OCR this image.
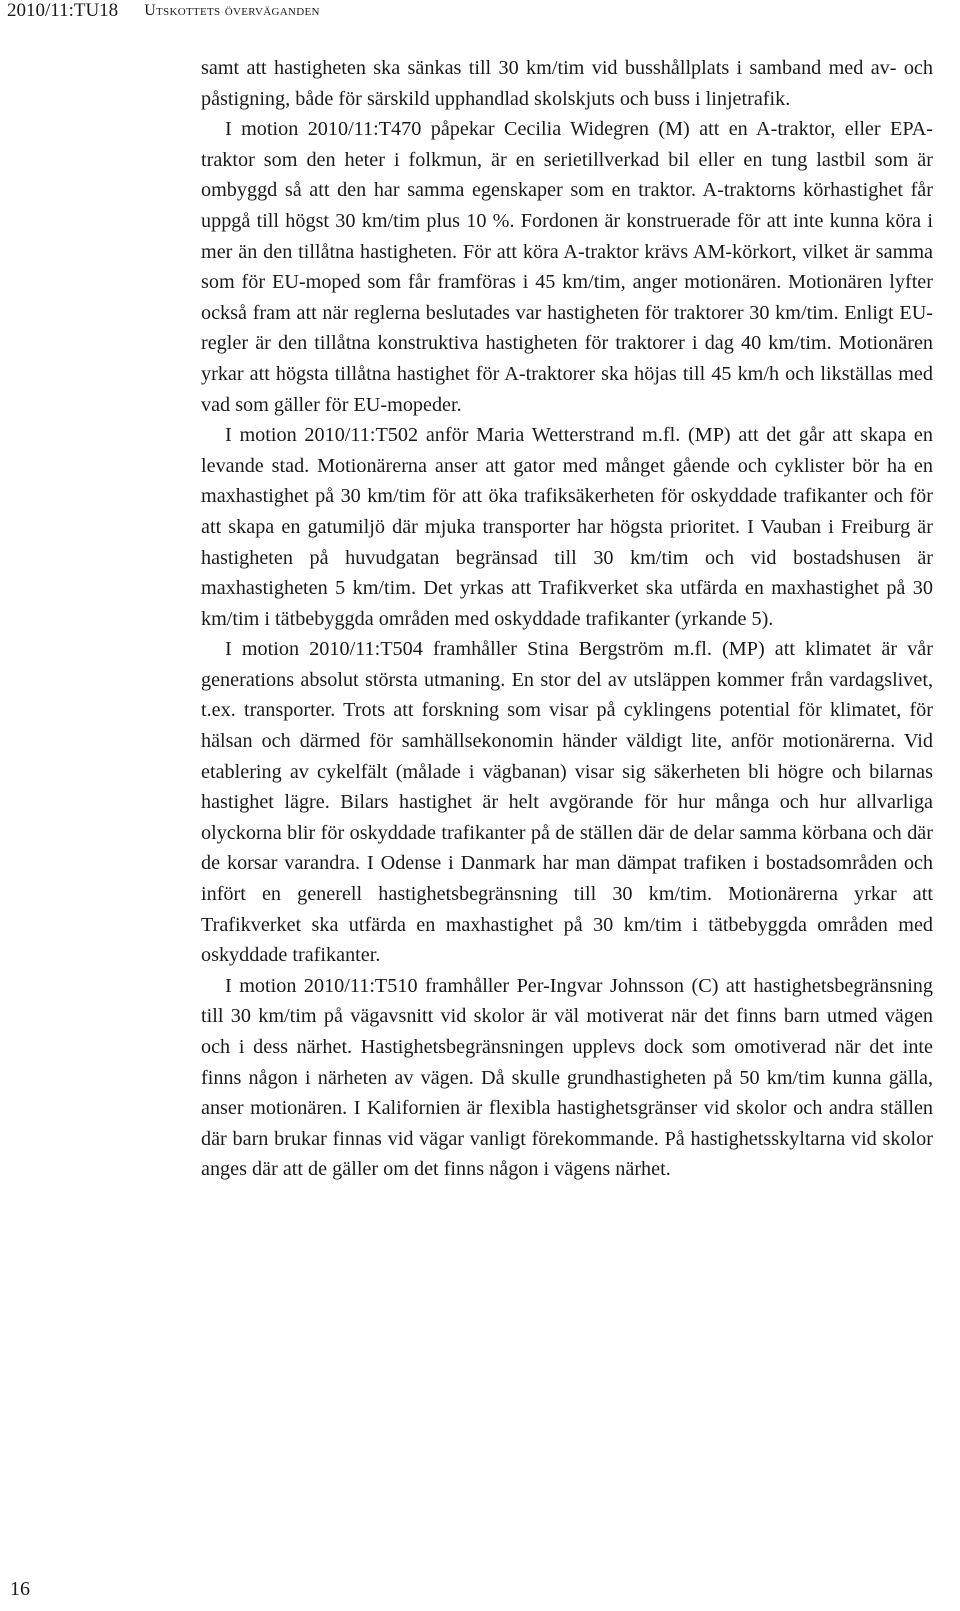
2010/11:TU18 Utskottets överväganden

samt att hastigheten ska sänkas till 30 km/tim vid busshållplats i samband med av- och påstigning, både för särskild upphandlad skolskjuts och buss i linjetrafik.

I motion 2010/11:T470 påpekar Cecilia Widegren (M) att en A-traktor, eller EPA-traktor som den heter i folkmun, är en serietillverkad bil eller en tung lastbil som är ombyggd så att den har samma egenskaper som en traktor. A-traktorns körhastighet får uppgå till högst 30 km/tim plus 10 %. Fordonen är konstruerade för att inte kunna köra i mer än den tillåtna hastigheten. För att köra A-traktor krävs AM-körkort, vilket är samma som för EU-moped som får framföras i 45 km/tim, anger motionären. Motionären lyfter också fram att när reglerna beslutades var hastigheten för traktorer 30 km/tim. Enligt EU-regler är den tillåtna konstruktiva hastigheten för traktorer i dag 40 km/tim. Motionären yrkar att högsta tillåtna hastighet för A-traktorer ska höjas till 45 km/h och likställas med vad som gäller för EU-mopeder.

I motion 2010/11:T502 anför Maria Wetterstrand m.fl. (MP) att det går att skapa en levande stad. Motionärerna anser att gator med månget gående och cyklister bör ha en maxhastighet på 30 km/tim för att öka trafiksäkerheten för oskyddade trafikanter och för att skapa en gatumiljö där mjuka transporter har högsta prioritet. I Vauban i Freiburg är hastigheten på huvudgatan begränsad till 30 km/tim och vid bostadshusen är maxhastigheten 5 km/tim. Det yrkas att Trafikverket ska utfärda en maxhastighet på 30 km/tim i tätbebyggda områden med oskyddade trafikanter (yrkande 5).

I motion 2010/11:T504 framhåller Stina Bergström m.fl. (MP) att klimatet är vår generations absolut största utmaning. En stor del av utsläppen kommer från vardagslivet, t.ex. transporter. Trots att forskning som visar på cyklingens potential för klimatet, för hälsan och därmed för samhällsekonomin händer väldigt lite, anför motionärerna. Vid etablering av cykelfält (målade i vägbanan) visar sig säkerheten bli högre och bilarnas hastighet lägre. Bilars hastighet är helt avgörande för hur många och hur allvarliga olyckorna blir för oskyddade trafikanter på de ställen där de delar samma körbana och där de korsar varandra. I Odense i Danmark har man dämpat trafiken i bostadsområden och infört en generell hastighetsbegränsning till 30 km/tim. Motionärerna yrkar att Trafikverket ska utfärda en maxhastighet på 30 km/tim i tätbebyggda områden med oskyddade trafikanter.

I motion 2010/11:T510 framhåller Per-Ingvar Johnsson (C) att hastighetsbegränsning till 30 km/tim på vägavsnitt vid skolor är väl motiverat när det finns barn utmed vägen och i dess närhet. Hastighetsbegränsningen upplevs dock som omotiverad när det inte finns någon i närheten av vägen. Då skulle grundhastigheten på 50 km/tim kunna gälla, anser motionären. I Kalifornien är flexibla hastighetsgränser vid skolor och andra ställen där barn brukar finnas vid vägar vanligt förekommande. På hastighetsskyltarna vid skolor anges där att de gäller om det finns någon i vägens närhet.

16
